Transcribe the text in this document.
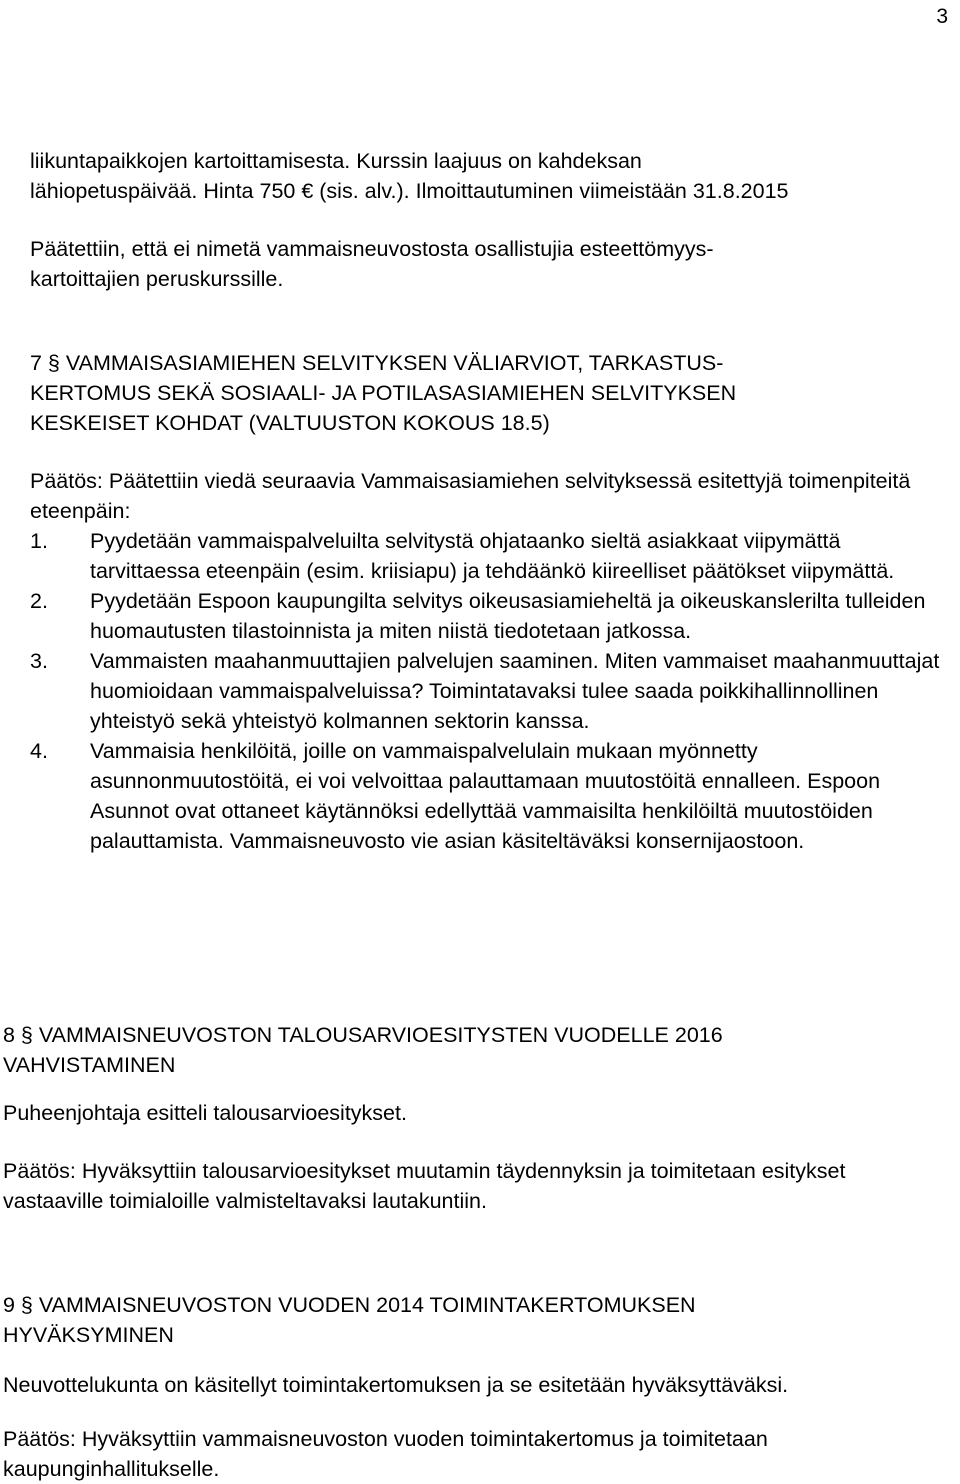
3

liikuntapaikkojen kartoittamisesta. Kurssin laajuus on kahdeksan

lähiopetuspäivää. Hinta 750 € (sis. alv.). Ilmoittautuminen viimeistään 31.8.2015

Päätettiin, että ei nimetä vammaisneuvostosta osallistujia esteettömyys-

kartoittajien peruskurssille.

7 § VAMMAISASIAMIEHEN SELVITYKSEN VÄLIARVIOT, TARKASTUS-

KERTOMUS SEKÄ SOSIAALI- JA POTILASASIAMIEHEN SELVITYKSEN

KESKEISET KOHDAT (VALTUUSTON KOKOUS 18.5)

Päätös: Päätettiin viedä seuraavia Vammaisasiamiehen selvityksessä esitettyjä toimenpiteitä eteenpäin:

1. Pyydetään vammaispalveluilta selvitystä ohjataanko sieltä asiakkaat viipymättä tarvittaessa eteenpäin (esim. kriisiapu) ja tehdäänkö kiireelliset päätökset viipymättä.

2. Pyydetään Espoon kaupungilta selvitys oikeusasiamieheltä ja oikeuskanslerilta tulleiden huomautusten tilastoinnista ja miten niistä tiedotetaan jatkossa.

3. Vammaisten maahanmuuttajien palvelujen saaminen. Miten vammaiset maahanmuuttajat huomioidaan vammaispalveluissa? Toimintatavaksi tulee saada poikkihallinnollinen yhteistyö sekä yhteistyö kolmannen sektorin kanssa.

4. Vammaisia henkilöitä, joille on vammaispalvelulain mukaan myönnetty asunnonmuutostöitä, ei voi velvoittaa palauttamaan muutostöitä ennalleen. Espoon Asunnot ovat ottaneet käytännöksi edellyttää vammaisilta henkilöiltä muutostöiden palauttamista. Vammaisneuvosto vie asian käsiteltäväksi konsernijaostoon.

8 § VAMMAISNEUVOSTON TALOUSARVIOESITYSTEN VUODELLE 2016

VAHVISTAMINEN

Puheenjohtaja esitteli talousarvioesitykset.

Päätös: Hyväksyttiin talousarvioesitykset muutamin täydennyksin ja toimitetaan esitykset vastaaville toimialoille valmisteltavaksi lautakuntiin.

9 § VAMMAISNEUVOSTON VUODEN 2014 TOIMINTAKERTOMUKSEN

HYVÄKSYMINEN

Neuvottelukunta on käsitellyt toimintakertomuksen ja se esitetään hyväksyttäväksi.

Päätös: Hyväksyttiin vammaisneuvoston vuoden toimintakertomus ja toimitetaan kaupunginhallitukselle.
